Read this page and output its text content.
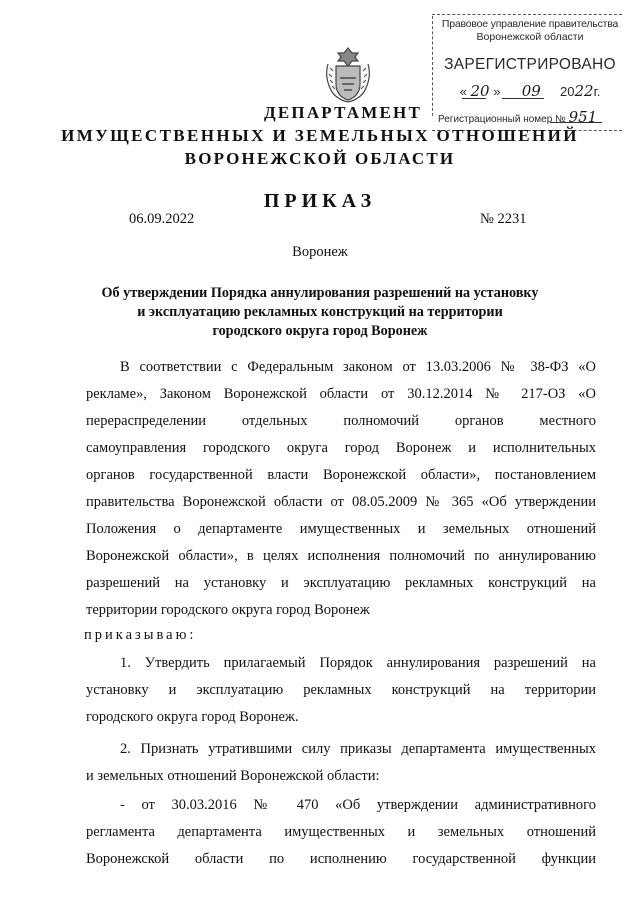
Правовое управление правительства
Воронежской области
ЗАРЕГИСТРИРОВАНО
« 20 » 09 2022г.
Регистрационный номер № 951
ДЕПАРТАМЕНТ
ИМУЩЕСТВЕННЫХ И ЗЕМЕЛЬНЫХ ОТНОШЕНИЙ
ВОРОНЕЖСКОЙ ОБЛАСТИ
ПРИКАЗ
06.09.2022	№ 2231
Воронеж
Об утверждении Порядка аннулирования разрешений на установку
и эксплуатацию рекламных конструкций на территории
городского округа город Воронеж
В соответствии с Федеральным законом от 13.03.2006 № 38-ФЗ «О
рекламе», Законом Воронежской области от 30.12.2014 № 217-ОЗ «О
перераспределении отдельных полномочий органов местного
самоуправления городского округа город Воронеж и исполнительных
органов государственной власти Воронежской области», постановлением
правительства Воронежской области от 08.05.2009 № 365 «Об утверждении
Положения о департаменте имущественных и земельных отношений
Воронежской области», в целях исполнения полномочий по аннулированию
разрешений на установку и эксплуатацию рекламных конструкций на
территории городского округа город Воронеж
приказываю:
1. Утвердить прилагаемый Порядок аннулирования разрешений на
установку и эксплуатацию рекламных конструкций на территории
городского округа город Воронеж.
2. Признать утратившими силу приказы департамента имущественных
и земельных отношений Воронежской области:
- от 30.03.2016 № 470 «Об утверждении административного
регламента департамента имущественных и земельных отношений
Воронежской области по исполнению государственной функции
